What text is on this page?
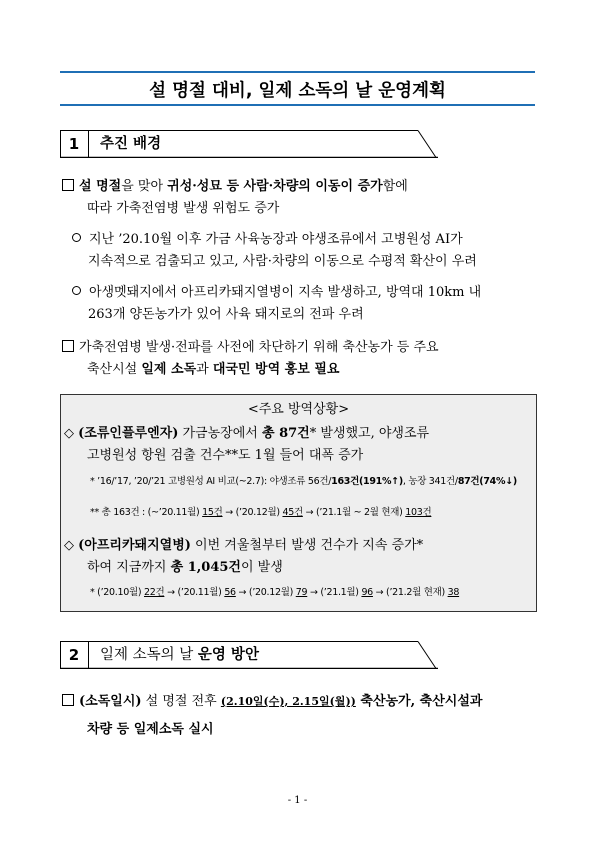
설 명절 대비, 일제 소독의 날 운영계획
1	추진 배경
설 명절을 맞아 귀성·성묘 등 사람·차량의 이동이 증가함에
따라 가축전염병 발생 위험도 증가
지난 ’20.10월 이후 가금 사육농장과 야생조류에서 고병원성 AI가
지속적으로 검출되고 있고, 사람·차량의 이동으로 수평적 확산이 우려
아생멧돼지에서 아프리카돼지열병이 지속 발생하고, 방역대 10km 내
263개 양돈농가가 있어 사육 돼지로의 전파 우려
가축전염병 발생·전파를 사전에 차단하기 위해 축산농가 등 주요
축산시설 일제 소독과 대국민 방역 홍보 필요
<주요 방역상황>
◇ (조류인플루엔자) 가금농장에서 총 87건* 발생했고, 야생조류
고병원성 항원 검출 건수**도 1월 들어 대폭 증가
* ’16/’17, ’20/’21 고병원성 AI 비교(~2.7): 야생조류 56건/163건(191%↑), 농장 341건/87건(74%↓)
** 총 163건 : (~’20.11월) 15건 → (’20.12월) 45건 → (’21.1월 ~ 2월 현재) 103건
◇ (아프리카돼지열병) 이번 겨울철부터 발생 건수가 지속 증가*
하여 지금까지 총 1,045건이 발생
* (’20.10월) 22건 → (’20.11월) 56 → (’20.12월) 79 → (’21.1월) 96 → (’21.2월 현재) 38
2	일제 소독의 날 운영 방안
(소독일시) 설 명절 전후 (2.10일(수), 2.15일(월)) 축산농가, 축산시설과
차량 등 일제소독 실시
- 1 -
